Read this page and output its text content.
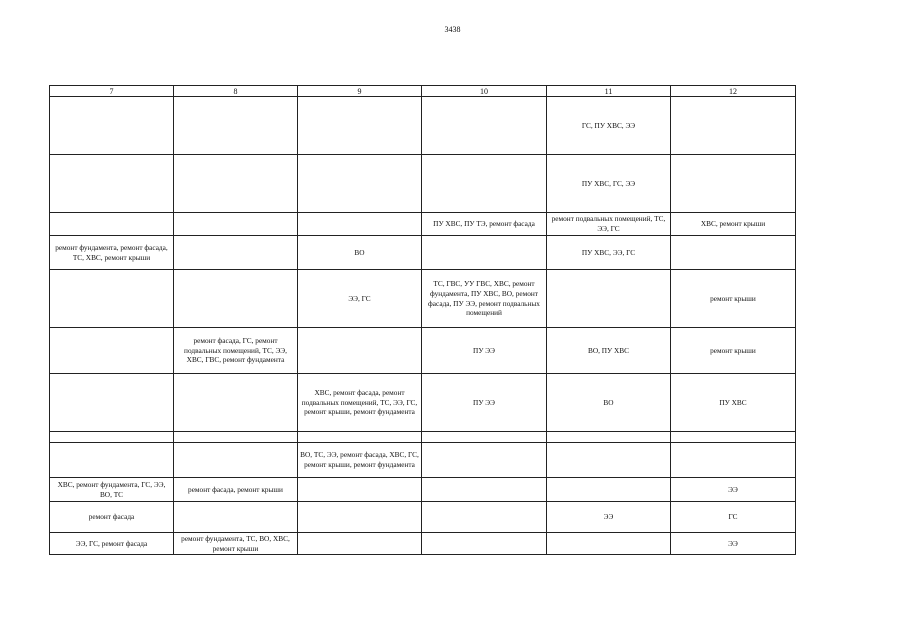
3438
7	8	9	10	11	12
				ГС, ПУ ХВС, ЭЭ	
				ПУ ХВС, ГС, ЭЭ	
			ПУ ХВС, ПУ ТЭ, ремонт фасада	ремонт подвальных помещений, ТС, ЭЭ, ГС	ХВС, ремонт крыши
ремонт фундамента, ремонт фасада, ТС, ХВС, ремонт крыши		ВО		ПУ ХВС, ЭЭ, ГС	
		ЭЭ, ГС	ТС, ГВС, УУ ГВС, ХВС, ремонт фундамента, ПУ ХВС, ВО, ремонт фасада, ПУ ЭЭ, ремонт подвальных помещений		ремонт крыши
	ремонт фасада, ГС, ремонт подвальных помещений, ТС, ЭЭ, ХВС, ГВС, ремонт фундамента		ПУ ЭЭ	ВО, ПУ ХВС	ремонт крыши
		ХВС, ремонт фасада, ремонт подвальных помещений, ТС, ЭЭ, ГС, ремонт крыши, ремонт фундамента	ПУ ЭЭ	ВО	ПУ ХВС

		ВО, ТС, ЭЭ, ремонт фасада, ХВС, ГС, ремонт крыши, ремонт фундамента			
ХВС, ремонт фундамента, ГС, ЭЭ, ВО, ТС	ремонт фасада, ремонт крыши				ЭЭ
ремонт фасада				ЭЭ	ГС
ЭЭ, ГС, ремонт фасада	ремонт фундамента, ТС, ВО, ХВС, ремонт крыши				ЭЭ
